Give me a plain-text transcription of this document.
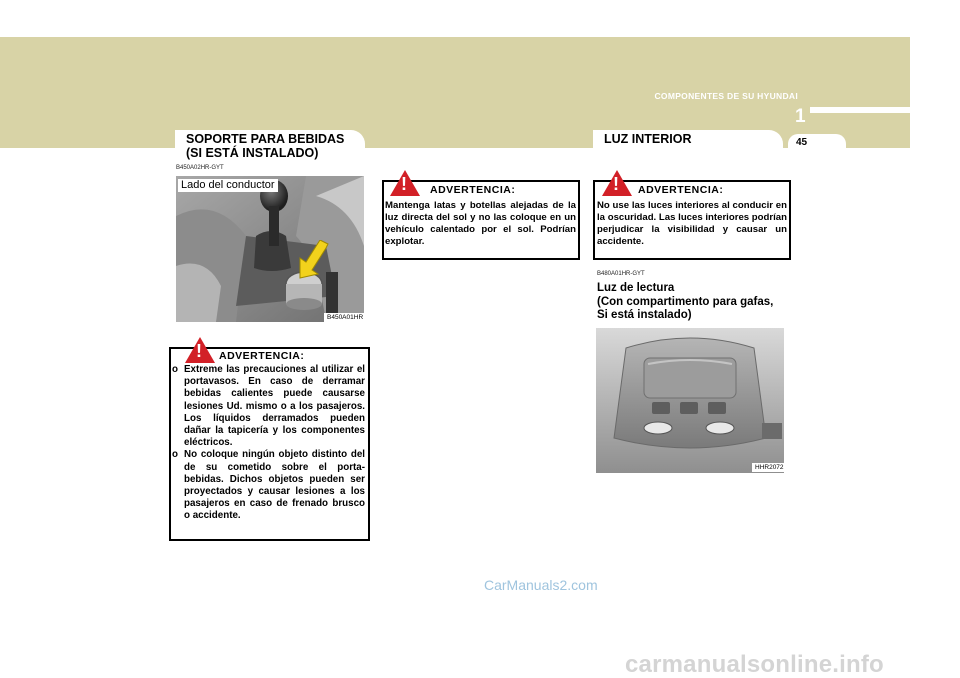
COMPONENTES DE SU HYUNDAI
1
45
SOPORTE PARA BEBIDAS
(SI ESTÁ INSTALADO)
B450A02HR-GYT
Lado del conductor
B450A01HR
! ADVERTENCIA:
o Extreme las precauciones al utilizar el portavasos. En caso de derramar bebidas calientes puede causarse lesiones Ud. mismo o a los pasajeros. Los líquidos derramados pueden dañar la tapicería y los componentes eléctricos.
o No coloque ningún objeto distinto del de su cometido sobre el porta-bebidas. Dichos objetos pueden ser proyectados y causar lesiones a los pasajeros en caso de frenado brusco o accidente.
! ADVERTENCIA:
Mantenga latas y botellas alejadas de la luz directa del sol y no las coloque en un vehículo calentado por el sol. Podrían explotar.
LUZ INTERIOR
! ADVERTENCIA:
No use las luces interiores al conducir en la oscuridad. Las luces interiores podrían perjudicar la visibilidad y causar un accidente.
B480A01HR-GYT
Luz de lectura
(Con compartimento para gafas,
Si está instalado)
HHR2072
CarManuals2.com
carmanualsonline.info
